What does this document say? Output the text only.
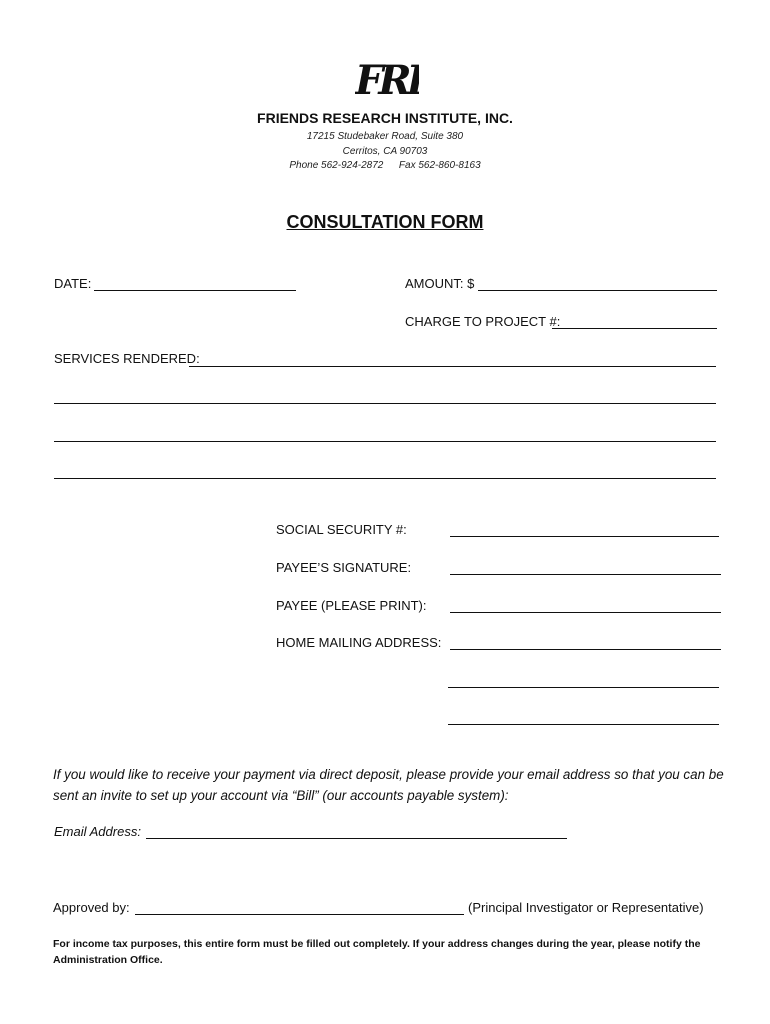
FRI
FRIENDS RESEARCH INSTITUTE, INC.
17215 Studebaker Road, Suite 380
Cerritos, CA 90703
Phone 562-924-2872 Fax 562-860-8163
CONSULTATION FORM
DATE:	AMOUNT: $
CHARGE TO PROJECT #:
SERVICES RENDERED:
SOCIAL SECURITY #:
PAYEE’S SIGNATURE:
PAYEE (PLEASE PRINT):
HOME MAILING ADDRESS:
If you would like to receive your payment via direct deposit, please provide your email address so that you can be sent an invite to set up your account via “Bill” (our accounts payable system):
Email Address:
Approved by:	(Principal Investigator or Representative)
For income tax purposes, this entire form must be filled out completely. If your address changes during the year, please notify the Administration Office.
